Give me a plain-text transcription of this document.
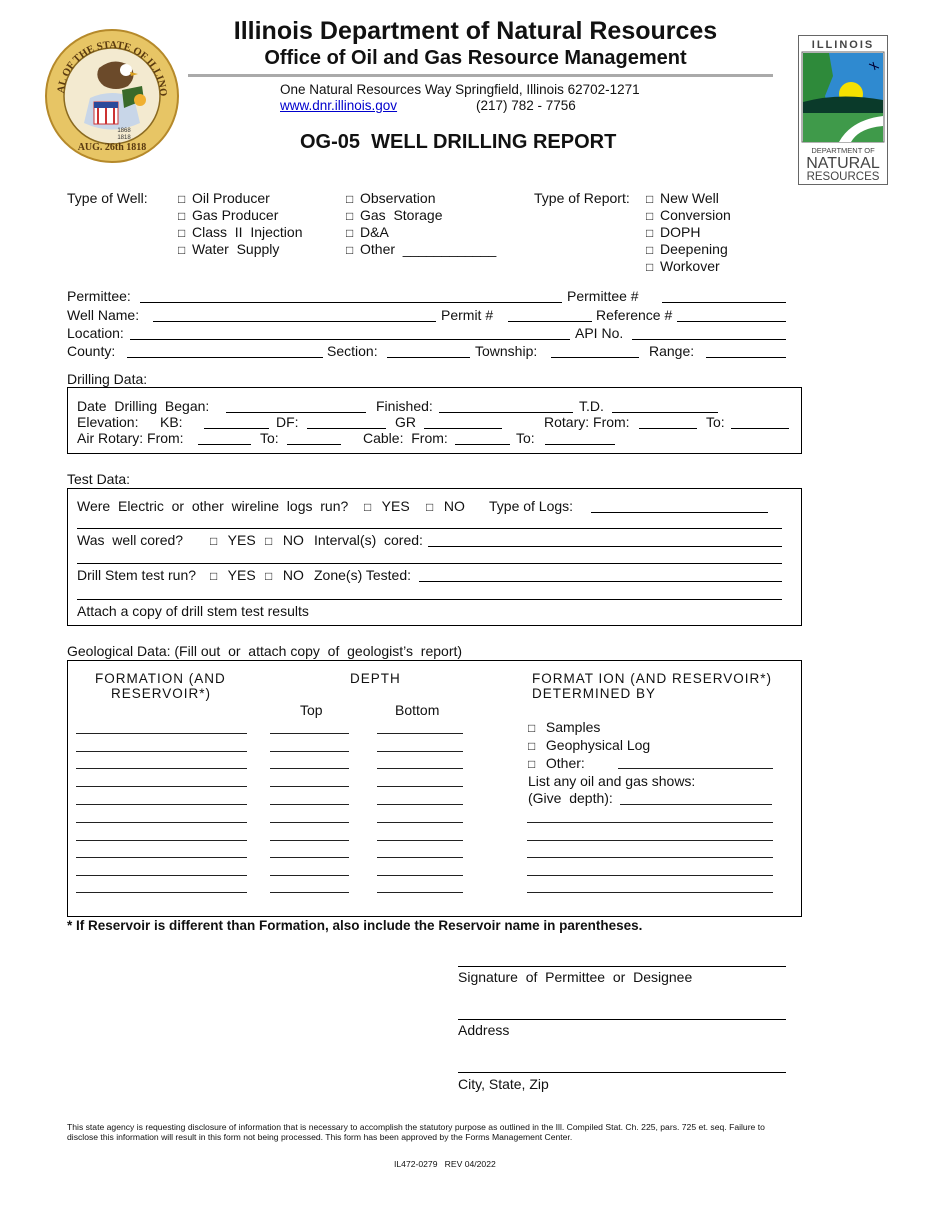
AL OF THE STATE OF ILLINO
AUG. 26th 1818
1868
1818
Illinois Department of Natural Resources
Office of Oil and Gas Resource Management
One Natural Resources Way Springfield, Illinois 62702-1271
www.dnr.illinois.gov	(217) 782 - 7756
OG-05  WELL DRILLING REPORT
ILLINOIS
DEPARTMENT OF
NATURAL
RESOURCES
Type of Well:	□ Oil Producer
□ Gas Producer
□ Class  II  Injection
□ Water  Supply
□ Observation
□ Gas  Storage
□ D&A
□ Other  ____________
Type of Report: □ New Well
□ Conversion
□ DOPH
□ Deepening
□ Workover
Permittee:	Permittee #
Well Name:	Permit #	Reference #
Location:	API No.
County:	Section:	Township:	Range:
Drilling Data:
Date  Drilling  Began:	Finished:	T.D.
Elevation: KB:	DF:	GR	Rotary: From:	To:
Air Rotary: From:	To:	Cable:  From:	To:
Test Data:
Were  Electric  or  other  wireline  logs  run? □ YES □ NO Type of Logs:
Was  well cored? □ YES □ NO Interval(s)  cored:
Drill Stem test run? □ YES □ NO Zone(s) Tested:
Attach a copy of drill stem test results
Geological Data: (Fill out  or  attach copy  of  geologist’s  report)
FORMATION (AND
RESERVOIR*)
DEPTH
Top	Bottom
FORMAT ION (AND RESERVOIR*)
DETERMINED BY
□ Samples
□ Geophysical Log
□ Other:
List any oil and gas shows:
(Give  depth):
* If Reservoir is different than Formation, also include the Reservoir name in parentheses.
Signature  of  Permittee  or  Designee
Address
City, State, Zip
This state agency is requesting disclosure of information that is necessary to accomplish the statutory purpose as outlined in the Ill. Compiled Stat. Ch. 225, pars. 725 et. seq. Failure to
disclose this information will result in this form not being processed. This form has been approved by the Forms Management Center.
IL472-0279   REV 04/2022
